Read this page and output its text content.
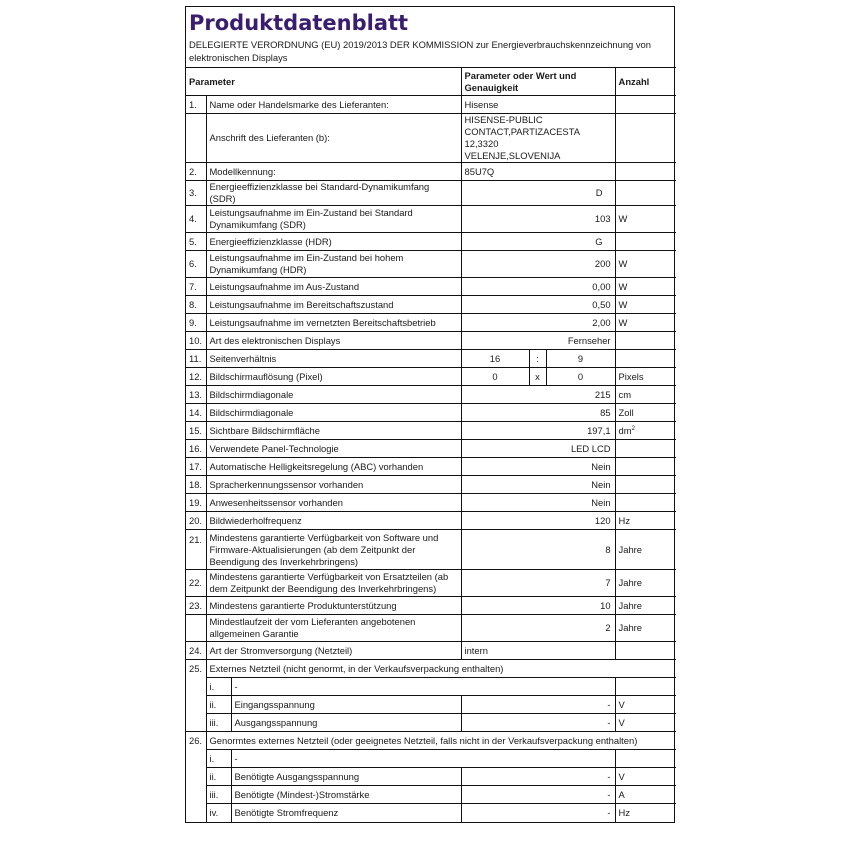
Produktdatenblatt
DELEGIERTE VERORDNUNG (EU) 2019/2013 DER KOMMISSION zur Energieverbrauchskennzeichnung von elektronischen Displays
Parameter			Parameter oder Wert und Genauigkeit			Anzahl
1.	Name oder Handelsmarke des Lieferanten:		Hisense			
	Anschrift des Lieferanten (b):		HISENSE-PUBLIC CONTACT,PARTIZACESTA 12,3320 VELENJE,SLOVENIJA			
2.	Modellkennung:		85U7Q			
3.	Energieeffizienzklasse bei Standard-Dynamikumfang (SDR)		D			
4.	Leistungsaufnahme im Ein-Zustand bei Standard Dynamikumfang (SDR)		103			W
5.	Energieeffizienzklasse (HDR)		G			
6.	Leistungsaufnahme im Ein-Zustand bei hohem Dynamikumfang (HDR)		200			W
7.	Leistungsaufnahme im Aus-Zustand		0,00			W
8.	Leistungsaufnahme im Bereitschaftszustand		0,50			W
9.	Leistungsaufnahme im vernetzten Bereitschaftsbetrieb		2,00			W
10.	Art des elektronischen Displays		Fernseher			
11.	Seitenverhältnis		16	:	9	
12.	Bildschirmauflösung (Pixel)		0	x	0	Pixels
13.	Bildschirmdiagonale		215			cm
14.	Bildschirmdiagonale		85			Zoll
15.	Sichtbare Bildschirmfläche		197,1			$dm^2$
16.	Verwendete Panel-Technologie		LED LCD			
17.	Automatische Helligkeitsregelung (ABC) vorhanden		Nein			
18.	Spracherkennungssensor vorhanden		Nein			
19.	Anwesenheitssensor vorhanden		Nein			
20.	Bildwiederholfrequenz		120			Hz
21.	Mindestens garantierte Verfügbarkeit von Software und Firmware-Aktualisierungen (ab dem Zeitpunkt der Beendigung des Inverkehrbringens)		8			Jahre
22.	Mindestens garantierte Verfügbarkeit von Ersatzteilen (ab dem Zeitpunkt der Beendigung des Inverkehrbringens)		7			Jahre
23.	Mindestens garantierte Produktunterstützung		10			Jahre
	Mindestlaufzeit der vom Lieferanten angebotenen allgemeinen Garantie		2			Jahre
24.	Art der Stromversorgung (Netzteil)		intern			
25.	Externes Netzteil (nicht genormt, in der Verkaufsverpackung enthalten)					
	i.	-				
	ii.	Eingangsspannung	-			V
	iii.	Ausgangsspannung	-			V
26.	Genormtes externes Netzteil (oder geeignetes Netzteil, falls nicht in der Verkaufsverpackung enthalten)					
	i.	-				
	ii.	Benötigte Ausgangsspannung	-			V
	iii.	Benötigte (Mindest-)Stromstärke	-			A
	iv.	Benötigte Stromfrequenz	-			Hz
